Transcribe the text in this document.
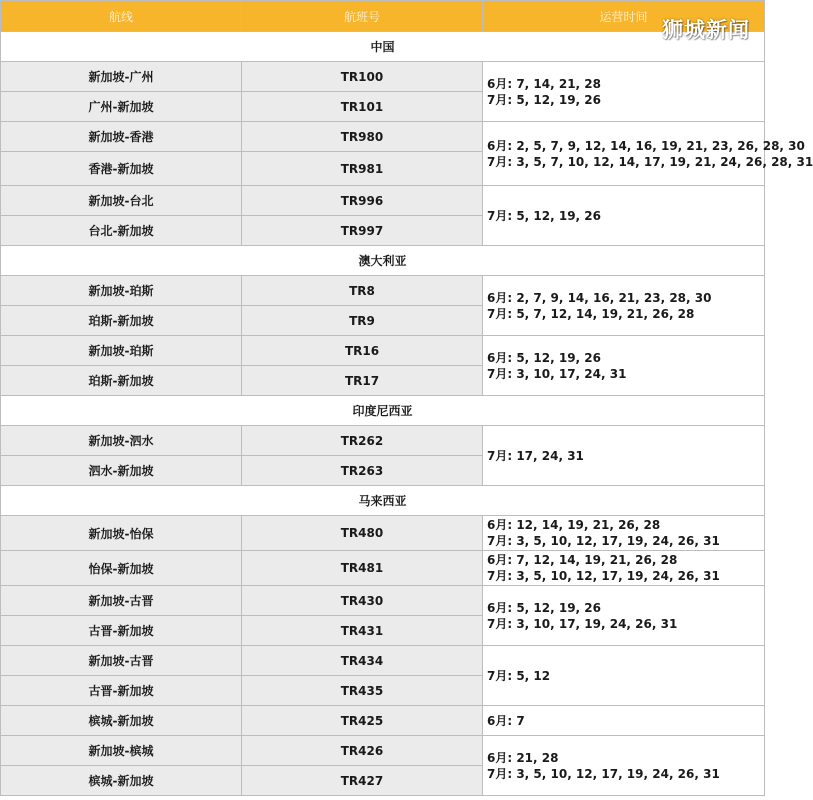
航线	航班号	运营时间
中国		
新加坡-广州	TR100	6月: 7, 14, 21, 28
7月: 5, 12, 19, 26

广州-新加坡	TR101	
新加坡-香港	TR980	6月: 2, 5, 7, 9, 12, 14, 16, 19, 21, 23, 26, 28, 30
7月: 3, 5, 7, 10, 12, 14, 17, 19, 21, 24, 26, 28, 31

香港-新加坡	TR981	
新加坡-台北	TR996	7月: 5, 12, 19, 26

台北-新加坡	TR997	
澳大利亚		
新加坡-珀斯	TR8	6月: 2, 7, 9, 14, 16, 21, 23, 28, 30
7月: 5, 7, 12, 14, 19, 21, 26, 28

珀斯-新加坡	TR9	
新加坡-珀斯	TR16	6月: 5, 12, 19, 26
7月: 3, 10, 17, 24, 31

珀斯-新加坡	TR17	
印度尼西亚		
新加坡-泗水	TR262	7月: 17, 24, 31

泗水-新加坡	TR263	
马来西亚		
新加坡-怡保	TR480	6月: 12, 14, 19, 21, 26, 28
7月: 3, 5, 10, 12, 17, 19, 24, 26, 31

怡保-新加坡	TR481	6月: 7, 12, 14, 19, 21, 26, 28
7月: 3, 5, 10, 12, 17, 19, 24, 26, 31

新加坡-古晋	TR430	6月: 5, 12, 19, 26
7月: 3, 10, 17, 19, 24, 26, 31

古晋-新加坡	TR431	
新加坡-古晋	TR434	7月: 5, 12

古晋-新加坡	TR435	
槟城-新加坡	TR425	6月: 7

新加坡-槟城	TR426	6月: 21, 28
7月: 3, 5, 10, 12, 17, 19, 24, 26, 31

槟城-新加坡	TR427	
狮城新闻
